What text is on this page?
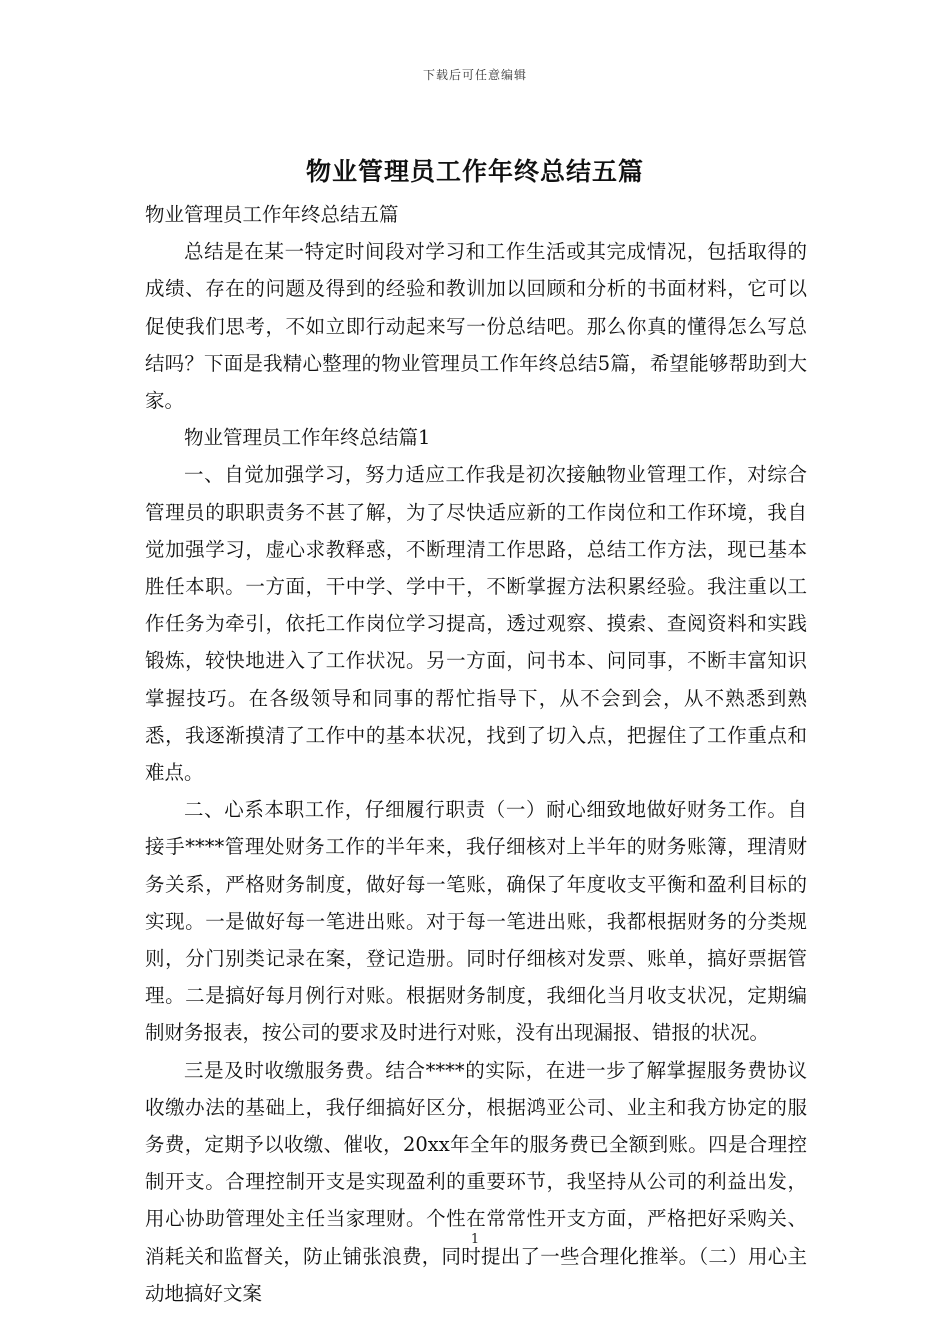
下载后可任意编辑
物业管理员工作年终总结五篇

物业管理员工作年终总结五篇

总结是在某一特定时间段对学习和工作生活或其完成情况，包括取得的成绩、存在的问题及得到的经验和教训加以回顾和分析的书面材料，它可以促使我们思考，不如立即行动起来写一份总结吧。那么你真的懂得怎么写总结吗？下面是我精心整理的物业管理员工作年终总结5篇，希望能够帮助到大家。

物业管理员工作年终总结篇1

一、自觉加强学习，努力适应工作我是初次接触物业管理工作，对综合管理员的职职责务不甚了解，为了尽快适应新的工作岗位和工作环境，我自觉加强学习，虚心求教释惑，不断理清工作思路，总结工作方法，现已基本胜任本职。一方面，干中学、学中干，不断掌握方法积累经验。我注重以工作任务为牵引，依托工作岗位学习提高，透过观察、摸索、查阅资料和实践锻炼，较快地进入了工作状况。另一方面，问书本、问同事，不断丰富知识掌握技巧。在各级领导和同事的帮忙指导下，从不会到会，从不熟悉到熟悉，我逐渐摸清了工作中的基本状况，找到了切入点，把握住了工作重点和难点。

二、心系本职工作，仔细履行职责（一）耐心细致地做好财务工作。自接手****管理处财务工作的半年来，我仔细核对上半年的财务账簿，理清财务关系，严格财务制度，做好每一笔账，确保了年度收支平衡和盈利目标的实现。一是做好每一笔进出账。对于每一笔进出账，我都根据财务的分类规则，分门别类记录在案，登记造册。同时仔细核对发票、账单，搞好票据管理。二是搞好每月例行对账。根据财务制度，我细化当月收支状况，定期编制财务报表，按公司的要求及时进行对账，没有出现漏报、错报的状况。

三是及时收缴服务费。结合****的实际，在进一步了解掌握服务费协议收缴办法的基础上，我仔细搞好区分，根据鸿亚公司、业主和我方协定的服务费，定期予以收缴、催收，20xx年全年的服务费已全额到账。四是合理控制开支。合理控制开支是实现盈利的重要环节，我坚持从公司的利益出发，用心协助管理处主任当家理财。个性在常常性开支方面，严格把好采购关、消耗关和监督关，防止铺张浪费，同时提出了一些合理化推举。（二）用心主动地搞好文案

1
